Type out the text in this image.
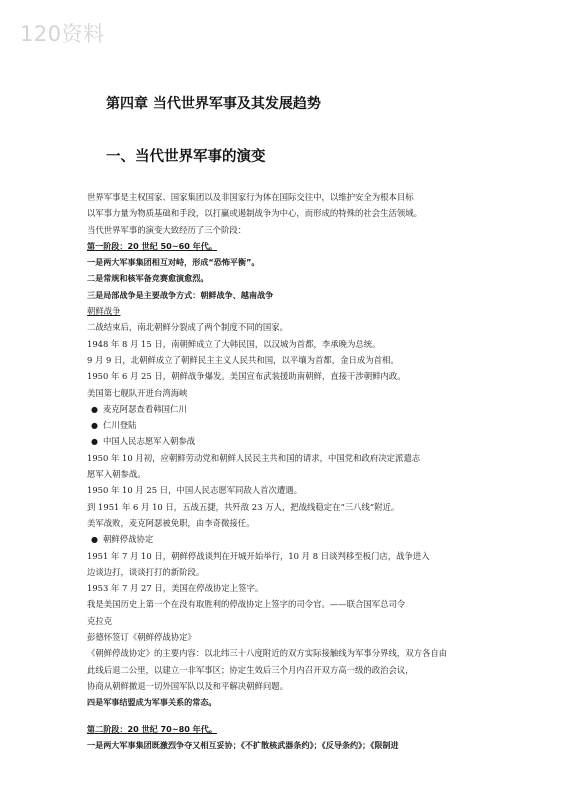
120资料
第四章 当代世界军事及其发展趋势
一、当代世界军事的演变
世界军事是主权国家、国家集团以及非国家行为体在国际交往中，以维护安全为根本目标
以军事力量为物质基础和手段，以打赢或遏制战争为中心，而形成的特殊的社会生活领域。
当代世界军事的演变大致经历了三个阶段：
第一阶段：20 世纪 50~60 年代。
一是两大军事集团相互对峙，形成“恐怖平衡”。
二是常规和核军备竞赛愈演愈烈。
三是局部战争是主要战争方式：朝鲜战争、越南战争
朝鲜战争
二战结束后，南北朝鲜分裂成了两个制度不同的国家。
1948 年 8 月 15 日，南朝鲜成立了大韩民国，以汉城为首都，李承晚为总统。
9 月 9 日，北朝鲜成立了朝鲜民主主义人民共和国，以平壤为首都，金日成为首相。
1950 年 6 月 25 日，朝鲜战争爆发。美国宣布武装援助南朝鲜，直接干涉朝鲜内政。
美国第七舰队开进台湾海峡
● 麦克阿瑟查看韩国仁川
● 仁川登陆
● 中国人民志愿军入朝参战
1950 年 10 月初，应朝鲜劳动党和朝鲜人民民主共和国的请求，中国党和政府决定派遣志
愿军入朝参战。
1950 年 10 月 25 日，中国人民志愿军同敌人首次遭遇。
到 1951 年 6 月 10 日，五战五捷，共歼敌 23 万人，把战线稳定在“三八线”附近。
美军战败，麦克阿瑟被免职，由李奇微接任。
● 朝鲜停战协定
1951 年 7 月 10 日，朝鲜停战谈判在开城开始举行，10 月 8 日谈判移至板门店，战争进入
边谈边打，谈谈打打的新阶段。
1953 年 7 月 27 日，美国在停战协定上签字。
我是美国历史上第一个在没有取胜利的停战协定上签字的司令官。——联合国军总司令
克拉克
彭德怀签订《朝鲜停战协定》
《朝鲜停战协定》的主要内容：以北纬三十八度附近的双方实际接触线为军事分界线，双方各自由
此线后退二公里，以建立一非军事区；协定生效后三个月内召开双方高一级的政治会议，
协商从朝鲜撤退一切外国军队以及和平解决朝鲜问题。
四是军事结盟成为军事关系的常态。
第二阶段：20 世纪 70~80 年代。
一是两大军事集团既激烈争夺又相互妥协；《不扩散核武器条约》；《反导条约》；《限制进
